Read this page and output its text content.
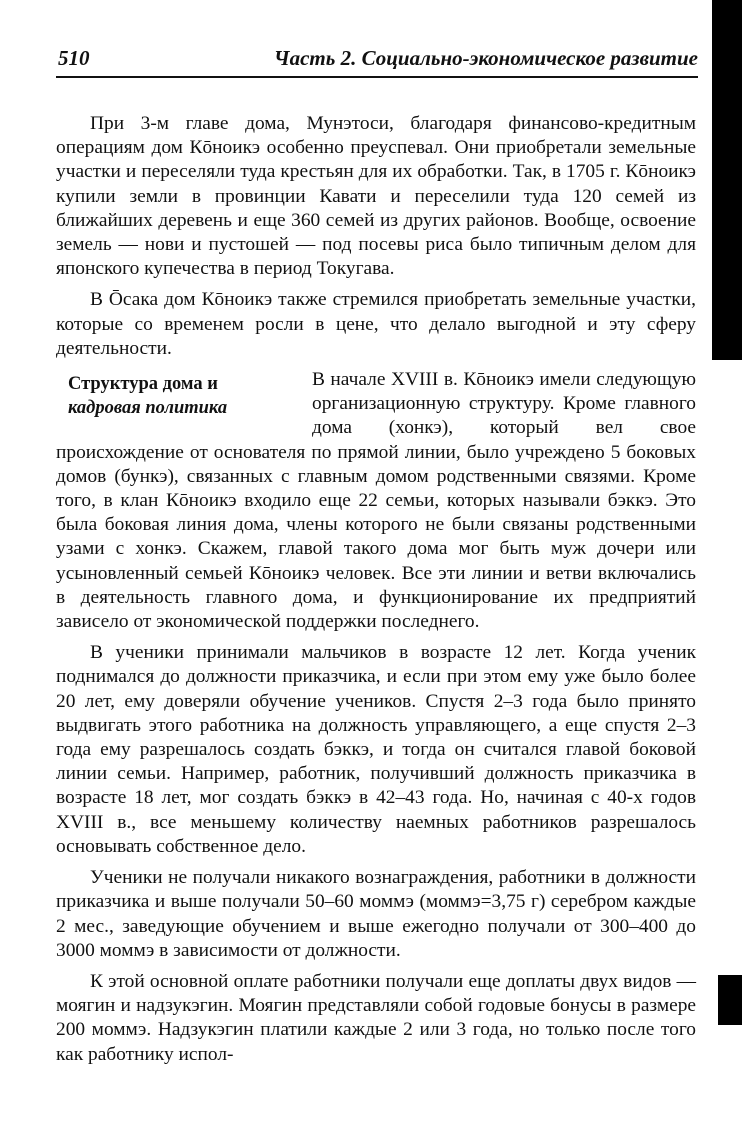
510	Часть 2. Социально-экономическое развитие

При 3-м главе дома, Мунэтоси, благодаря финансово-кредитным операциям дом Кōноикэ особенно преуспевал. Они приобретали земельные участки и переселяли туда крестьян для их обработки. Так, в 1705 г. Кōноикэ купили земли в провинции Кавати и переселили туда 120 семей из ближайших деревень и еще 360 семей из других районов. Вообще, освоение земель — нови и пустошей — под посевы риса было типичным делом для японского купечества в период Токугава.

В Ōсака дом Кōноикэ также стремился приобретать земельные участки, которые со временем росли в цене, что делало выгодной и эту сферу деятельности.

Структура дома и
кадровая политика

В начале XVIII в. Кōноикэ имели следующую организационную структуру. Кроме главного дома (хонкэ), который вел свое происхождение от основателя по прямой линии, было учреждено 5 боковых домов (бункэ), связанных с главным домом родственными связями. Кроме того, в клан Кōноикэ входило еще 22 семьи, которых называли бэккэ. Это была боковая линия дома, члены которого не были связаны родственными узами с хонкэ. Скажем, главой такого дома мог быть муж дочери или усыновленный семьей Кōноикэ человек. Все эти линии и ветви включались в деятельность главного дома, и функционирование их предприятий зависело от экономической поддержки последнего.

В ученики принимали мальчиков в возрасте 12 лет. Когда ученик поднимался до должности приказчика, и если при этом ему уже было более 20 лет, ему доверяли обучение учеников. Спустя 2–3 года было принято выдвигать этого работника на должность управляющего, а еще спустя 2–3 года ему разрешалось создать бэккэ, и тогда он считался главой боковой линии семьи. Например, работник, получивший должность приказчика в возрасте 18 лет, мог создать бэккэ в 42–43 года. Но, начиная с 40-х годов XVIII в., все меньшему количеству наемных работников разрешалось основывать собственное дело.

Ученики не получали никакого вознаграждения, работники в должности приказчика и выше получали 50–60 моммэ (моммэ=3,75 г) серебром каждые 2 мес., заведующие обучением и выше ежегодно получали от 300–400 до 3000 моммэ в зависимости от должности.

К этой основной оплате работники получали еще доплаты двух видов — моягин и надзукэгин. Моягин представляли собой годовые бонусы в размере 200 моммэ. Надзукэгин платили каждые 2 или 3 года, но только после того как работнику испол-
